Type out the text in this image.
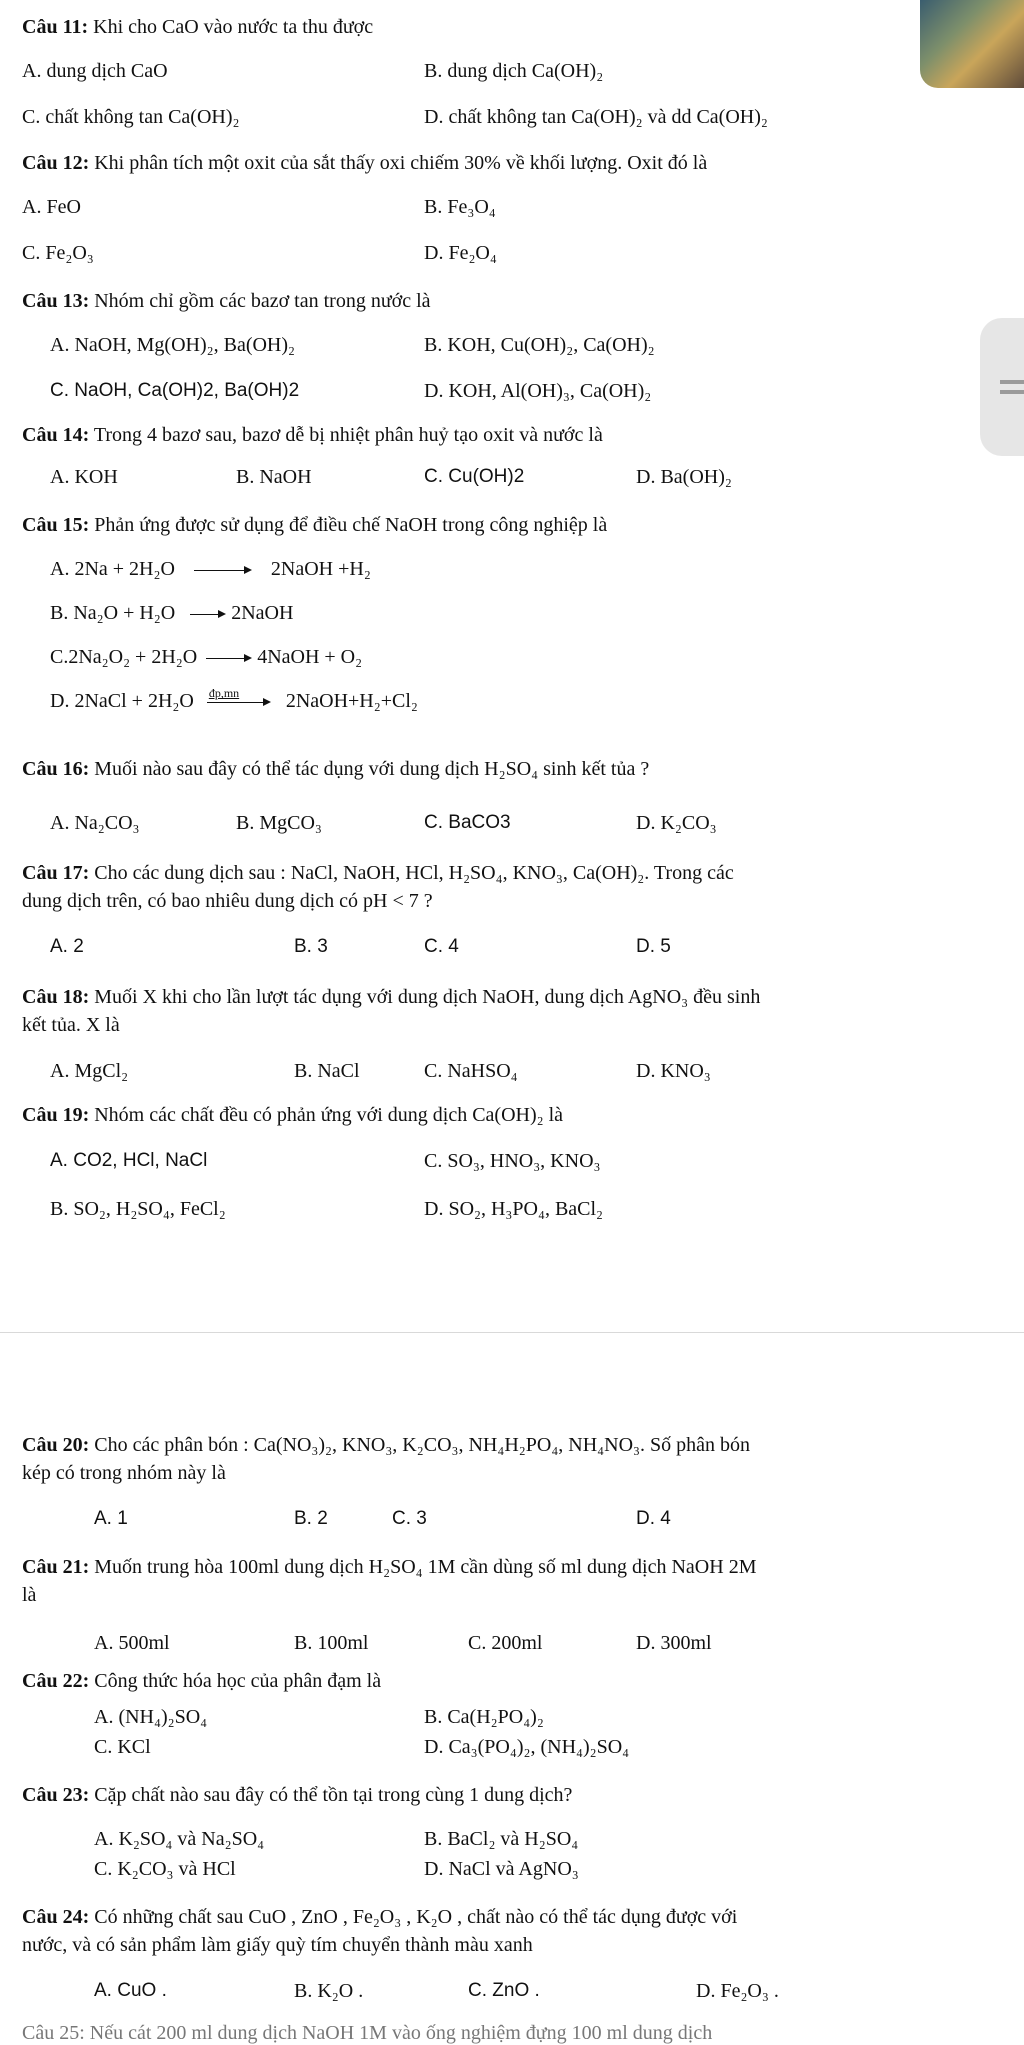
Câu 11: Khi cho CaO vào nước ta thu được
A. dung dịch CaO	B. dung dịch Ca(OH)₂
C. chất không tan Ca(OH)₂	D. chất không tan Ca(OH)₂ và dd Ca(OH)₂
Câu 12: Khi phân tích một oxit của sắt thấy oxi chiếm 30% về khối lượng. Oxit đó là
A. FeO	B. Fe₃O₄
C. Fe₂O₃	D. Fe₂O₄
Câu 13: Nhóm chỉ gồm các bazơ tan trong nước là
A. NaOH, Mg(OH)₂, Ba(OH)₂	B. KOH, Cu(OH)₂, Ca(OH)₂
C. NaOH, Ca(OH)2, Ba(OH)2	D. KOH, Al(OH)₃, Ca(OH)₂
Câu 14: Trong 4 bazơ sau, bazơ dễ bị nhiệt phân huỷ tạo oxit và nước là
A. KOH	B. NaOH	C. Cu(OH)2	D. Ba(OH)₂
Câu 15: Phản ứng được sử dụng để điều chế NaOH trong công nghiệp là
A. 2Na + 2H₂O → 2NaOH +H₂
B. Na₂O + H₂O → 2NaOH
C.2Na₂O₂ + 2H₂O → 4NaOH + O₂
D. 2NaCl + 2H₂O đp,mn 2NaOH+H₂+Cl₂
Câu 16: Muối nào sau đây có thể tác dụng với dung dịch H₂SO₄ sinh kết tủa ?
A. Na₂CO₃	B. MgCO₃	C. BaCO3	D. K₂CO₃
Câu 17: Cho các dung dịch sau : NaCl, NaOH, HCl, H₂SO₄, KNO₃, Ca(OH)₂. Trong các
dung dịch trên, có bao nhiêu dung dịch có pH < 7 ?
A. 2	B. 3	C. 4	D. 5
Câu 18: Muối X khi cho lần lượt tác dụng với dung dịch NaOH, dung dịch AgNO₃ đều sinh
kết tủa. X là
A. MgCl₂	B. NaCl	C. NaHSO₄	D. KNO₃
Câu 19: Nhóm các chất đều có phản ứng với dung dịch Ca(OH)₂ là
A. CO2, HCl, NaCl	C. SO₃, HNO₃, KNO₃
B. SO₂, H₂SO₄, FeCl₂	D. SO₂, H₃PO₄, BaCl₂
Câu 20: Cho các phân bón : Ca(NO₃)₂, KNO₃, K₂CO₃, NH₄H₂PO₄, NH₄NO₃. Số phân bón
kép có trong nhóm này là
A. 1	B. 2	C. 3	D. 4
Câu 21: Muốn trung hòa 100ml dung dịch H₂SO₄ 1M cần dùng số ml dung dịch NaOH 2M
là
A. 500ml	B. 100ml	C. 200ml	D. 300ml
Câu 22: Công thức hóa học của phân đạm là
A. (NH₄)₂SO₄	B. Ca(H₂PO₄)₂
C. KCl	D. Ca₃(PO₄)₂, (NH₄)₂SO₄
Câu 23: Cặp chất nào sau đây có thể tồn tại trong cùng 1 dung dịch?
A. K₂SO₄ và Na₂SO₄	B. BaCl₂ và H₂SO₄
C. K₂CO₃ và HCl	D. NaCl và AgNO₃
Câu 24: Có những chất sau CuO , ZnO , Fe₂O₃ , K₂O , chất nào có thể tác dụng được với
nước, và có sản phẩm làm giấy quỳ tím chuyển thành màu xanh
A. CuO .	B. K₂O .	C. ZnO .	D. Fe₂O₃ .
Câu 25: Nếu cát 200 ml dung dịch NaOH 1M vào ống nghiệm đựng 100 ml dung dịch
